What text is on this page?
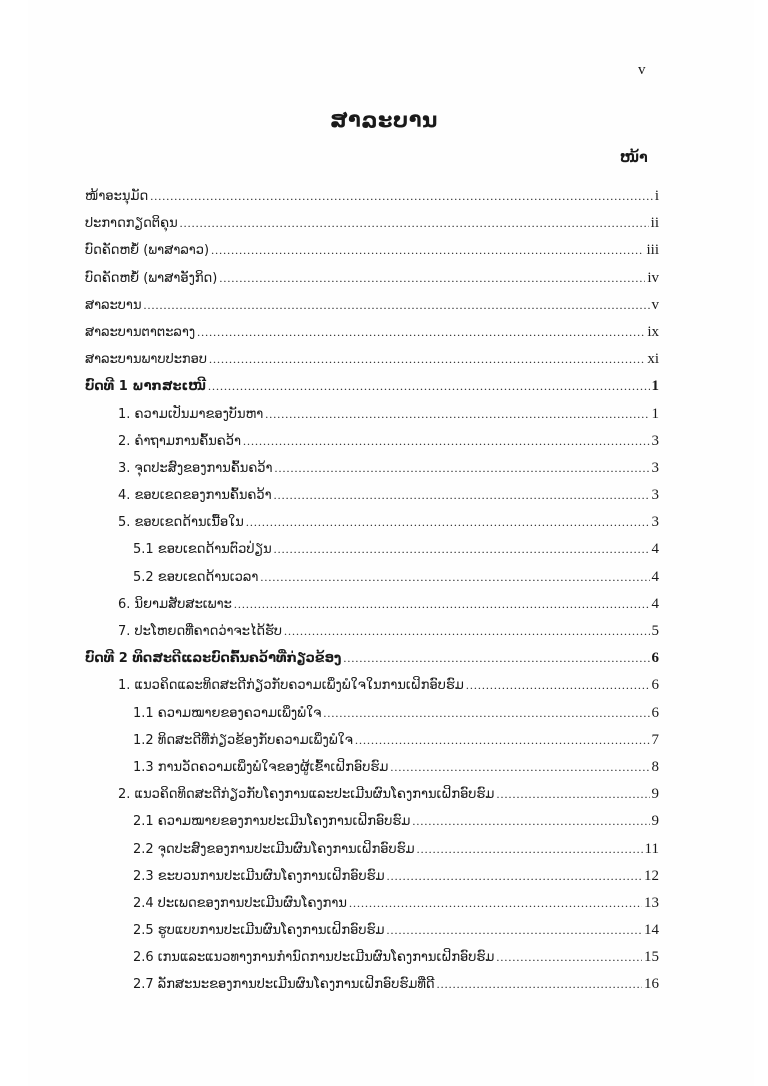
v
ສາລະບານ
ໜ້າ
ໜ້າອະນຸມັດ .....	i
ປະກາດກຽດຕິຄຸນ .....	ii
ບົດຄັດຫຍໍ້ (ພາສາລາວ) .....	iii
ບົດຄັດຫຍໍ້ (ພາສາອັງກິດ) .....	iv
ສາລະບານ .....	v
ສາລະບານຕາຕະລາງ .....	ix
ສາລະບານພາບປະກອບ .....	xi
ບົດທີ 1 ພາກສະເໜີ .....	1
1. ຄວາມເປັນມາຂອງບັນຫາ .....	1
2. ຄຳຖາມການຄົ້ນຄວ້າ .....	3
3. ຈຸດປະສົງຂອງການຄົ້ນຄວ້າ .....	3
4. ຂອບເຂດຂອງການຄົ້ນຄວ້າ .....	3
5. ຂອບເຂດດ້ານເນື້ອໃນ .....	3
5.1 ຂອບເຂດດ້ານຕົວປ່ຽນ .....	4
5.2 ຂອບເຂດດ້ານເວລາ .....	4
6. ນິຍາມສັບສະເພາະ .....	4
7. ປະໂຫຍດທີ່ຄາດວ່າຈະໄດ້ຮັບ .....	5
ບົດທີ 2 ທິດສະດີແລະບົດຄົ້ນຄວ້າທີ່ກ່ຽວຂ້ອງ .....	6
1. ແນວຄິດແລະທິດສະດີກ່ຽວກັບຄວາມເພິ່ງພໍໃຈໃນການເຝິກອົບຮົມ .....	6
1.1 ຄວາມໝາຍຂອງຄວາມເພິ່ງພໍໃຈ .....	6
1.2 ທິດສະດີທີ່ກ່ຽວຂ້ອງກັບຄວາມເພິ່ງພໍໃຈ .....	7
1.3 ການວັດຄວາມເພິ່ງພໍໃຈຂອງຜູ້ເຂົ້າເຝິກອົບຮົມ .....	8
2. ແນວຄິດທິດສະດີກ່ຽວກັບໂຄງການແລະປະເມີນຜົນໂຄງການເຝິກອົບຮົມ .....	9
2.1 ຄວາມໝາຍຂອງການປະເມີນໂຄງການເຝິກອົບຮົມ .....	9
2.2 ຈຸດປະສົງຂອງການປະເມີນຜົນໂຄງການເຝິກອົບຮົມ .....	11
2.3 ຂະບວນການປະເມີນຜົນໂຄງການເຝິກອົບຮົມ .....	12
2.4 ປະເພດຂອງການປະເມີນຜົນໂຄງການ .....	13
2.5 ຮູບແບບການປະເມີນຜົນໂຄງການເຝິກອົບຮົມ .....	14
2.6 ເກນແລະແນວທາງການກຳນົດການປະເມີນຜົນໂຄງການເຝິກອົບຮົມ .....	15
2.7 ລັກສະນະຂອງການປະເມີນຜົນໂຄງການເຝິກອົບຮົມທີ່ດີ .....	16
